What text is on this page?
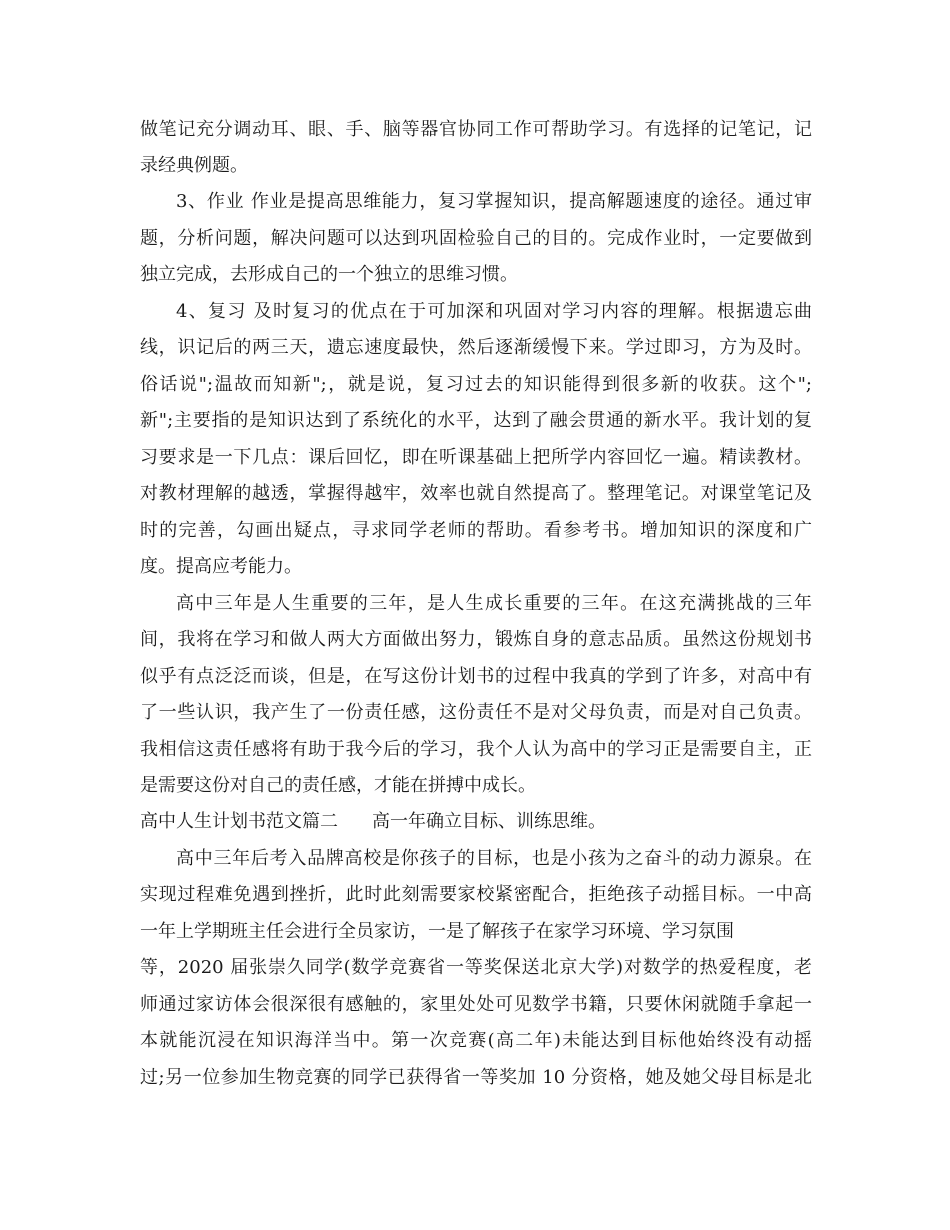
做笔记充分调动耳、眼、手、脑等器官协同工作可帮助学习。有选择的记笔记，记
录经典例题。
3、作业 作业是提高思维能力，复习掌握知识，提高解题速度的途径。通过审
题，分析问题，解决问题可以达到巩固检验自己的目的。完成作业时，一定要做到
独立完成，去形成自己的一个独立的思维习惯。
4、复习 及时复习的优点在于可加深和巩固对学习内容的理解。根据遗忘曲
线，识记后的两三天，遗忘速度最快，然后逐渐缓慢下来。学过即习，方为及时。
俗话说";温故而知新";，就是说，复习过去的知识能得到很多新的收获。这个";
新";主要指的是知识达到了系统化的水平，达到了融会贯通的新水平。我计划的复
习要求是一下几点：课后回忆，即在听课基础上把所学内容回忆一遍。精读教材。
对教材理解的越透，掌握得越牢，效率也就自然提高了。整理笔记。对课堂笔记及
时的完善，勾画出疑点，寻求同学老师的帮助。看参考书。增加知识的深度和广
度。提高应考能力。
高中三年是人生重要的三年，是人生成长重要的三年。在这充满挑战的三年
间，我将在学习和做人两大方面做出努力，锻炼自身的意志品质。虽然这份规划书
似乎有点泛泛而谈，但是，在写这份计划书的过程中我真的学到了许多，对高中有
了一些认识，我产生了一份责任感，这份责任不是对父母负责，而是对自己负责。
我相信这责任感将有助于我今后的学习，我个人认为高中的学习正是需要自主，正
是需要这份对自己的责任感，才能在拼搏中成长。
高中人生计划书范文篇二 高一年确立目标、训练思维。
高中三年后考入品牌高校是你孩子的目标，也是小孩为之奋斗的动力源泉。在
实现过程难免遇到挫折，此时此刻需要家校紧密配合，拒绝孩子动摇目标。一中高
一年上学期班主任会进行全员家访，一是了解孩子在家学习环境、学习氛围
等，2020 届张崇久同学(数学竞赛省一等奖保送北京大学)对数学的热爱程度，老
师通过家访体会很深很有感触的，家里处处可见数学书籍，只要休闲就随手拿起一
本就能沉浸在知识海洋当中。第一次竞赛(高二年)未能达到目标他始终没有动摇
过;另一位参加生物竞赛的同学已获得省一等奖加 10 分资格，她及她父母目标是北
